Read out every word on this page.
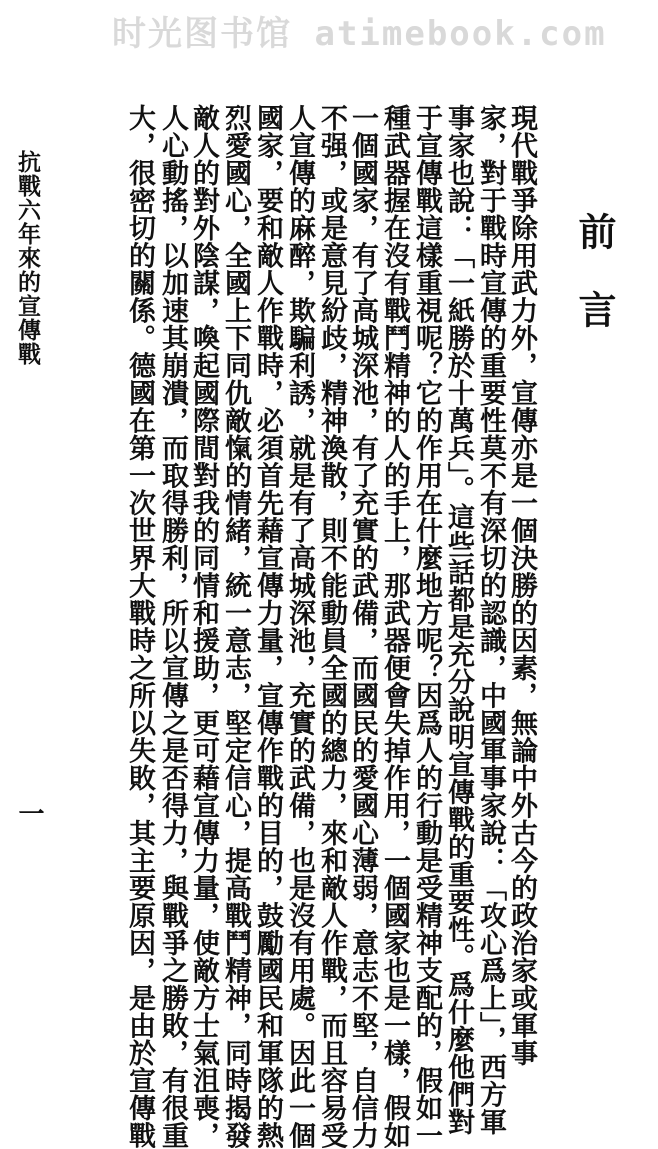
时光图书馆 atimebook.com
前言
現代戰爭除用武力外，宣傳亦是一個決勝的因素，無論中外古今的政治家或軍事
家，對于戰時宣傳的重要性莫不有深切的認識，中國軍事家說：「攻心爲上」，西方軍
事家也說：「一紙勝於十萬兵」。這些話都是充分說明宣傳戰的重要性。爲什麼他們對
于宣傳戰這樣重視呢？它的作用在什麼地方呢？因爲人的行動是受精神支配的，假如一
種武器握在沒有戰鬥精神的人的手上，那武器便會失掉作用，一個國家也是一樣，假如
一個國家，有了高城深池，有了充實的武備，而國民的愛國心薄弱，意志不堅，自信力
不强，或是意見紛歧，精神渙散，則不能動員全國的總力，來和敵人作戰，而且容易受
人宣傳的麻醉，欺騙利誘，就是有了高城深池，充實的武備，也是沒有用處。因此一個
國家，要和敵人作戰時，必須首先藉宣傳力量，宣傳作戰的目的，鼓勵國民和軍隊的熱
烈愛國心，全國上下同仇敵愾的情緒，統一意志，堅定信心，提高戰鬥精神，同時揭發
敵人的對外陰謀，喚起國際間對我的同情和援助，更可藉宣傳力量，使敵方士氣沮喪，
人心動搖，以加速其崩潰，而取得勝利，所以宣傳之是否得力，與戰爭之勝敗，有很重
大，很密切的關係。德國在第一次世界大戰時之所以失敗，其主要原因，是由於宣傳戰
抗戰六年來的宣傳戰
一
